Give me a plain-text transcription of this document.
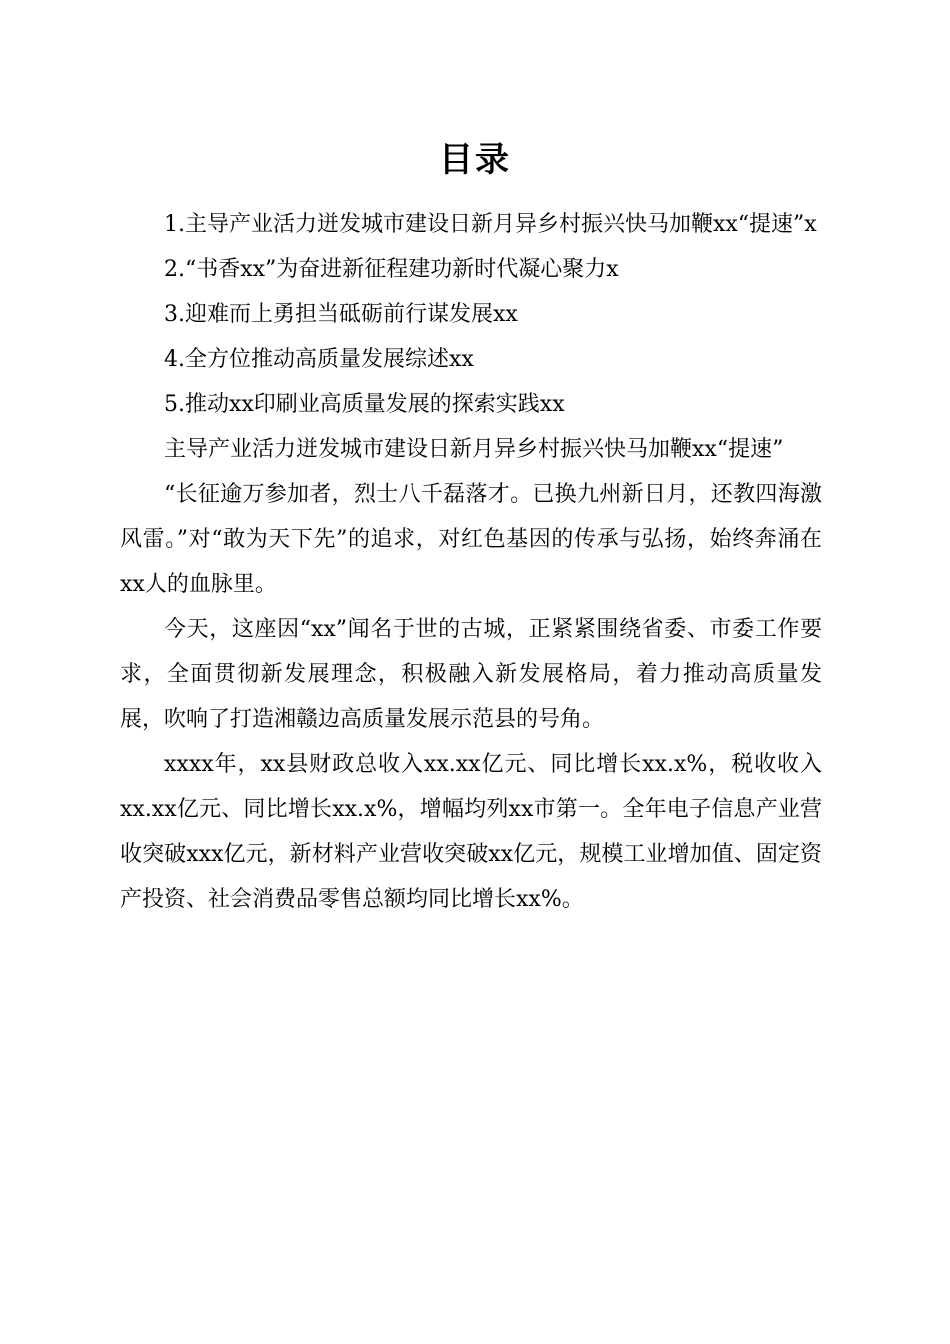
目录

1.主导产业活力迸发城市建设日新月异乡村振兴快马加鞭xx“提速”x

2.“书香xx”为奋进新征程建功新时代凝心聚力x

3.迎难而上勇担当砥砺前行谋发展xx

4.全方位推动高质量发展综述xx

5.推动xx印刷业高质量发展的探索实践xx

主导产业活力迸发城市建设日新月异乡村振兴快马加鞭xx“提速”

“长征逾万参加者，烈士八千磊落才。已换九州新日月，还教四海激风雷。”对“敢为天下先”的追求，对红色基因的传承与弘扬，始终奔涌在xx人的血脉里。

今天，这座因“xx”闻名于世的古城，正紧紧围绕省委、市委工作要求，全面贯彻新发展理念，积极融入新发展格局，着力推动高质量发展，吹响了打造湘赣边高质量发展示范县的号角。

xxxx年，xx县财政总收入xx.xx亿元、同比增长xx.x%，税收收入xx.xx亿元、同比增长xx.x%，增幅均列xx市第一。全年电子信息产业营收突破xxx亿元，新材料产业营收突破xx亿元，规模工业增加值、固定资产投资、社会消费品零售总额均同比增长xx%。
